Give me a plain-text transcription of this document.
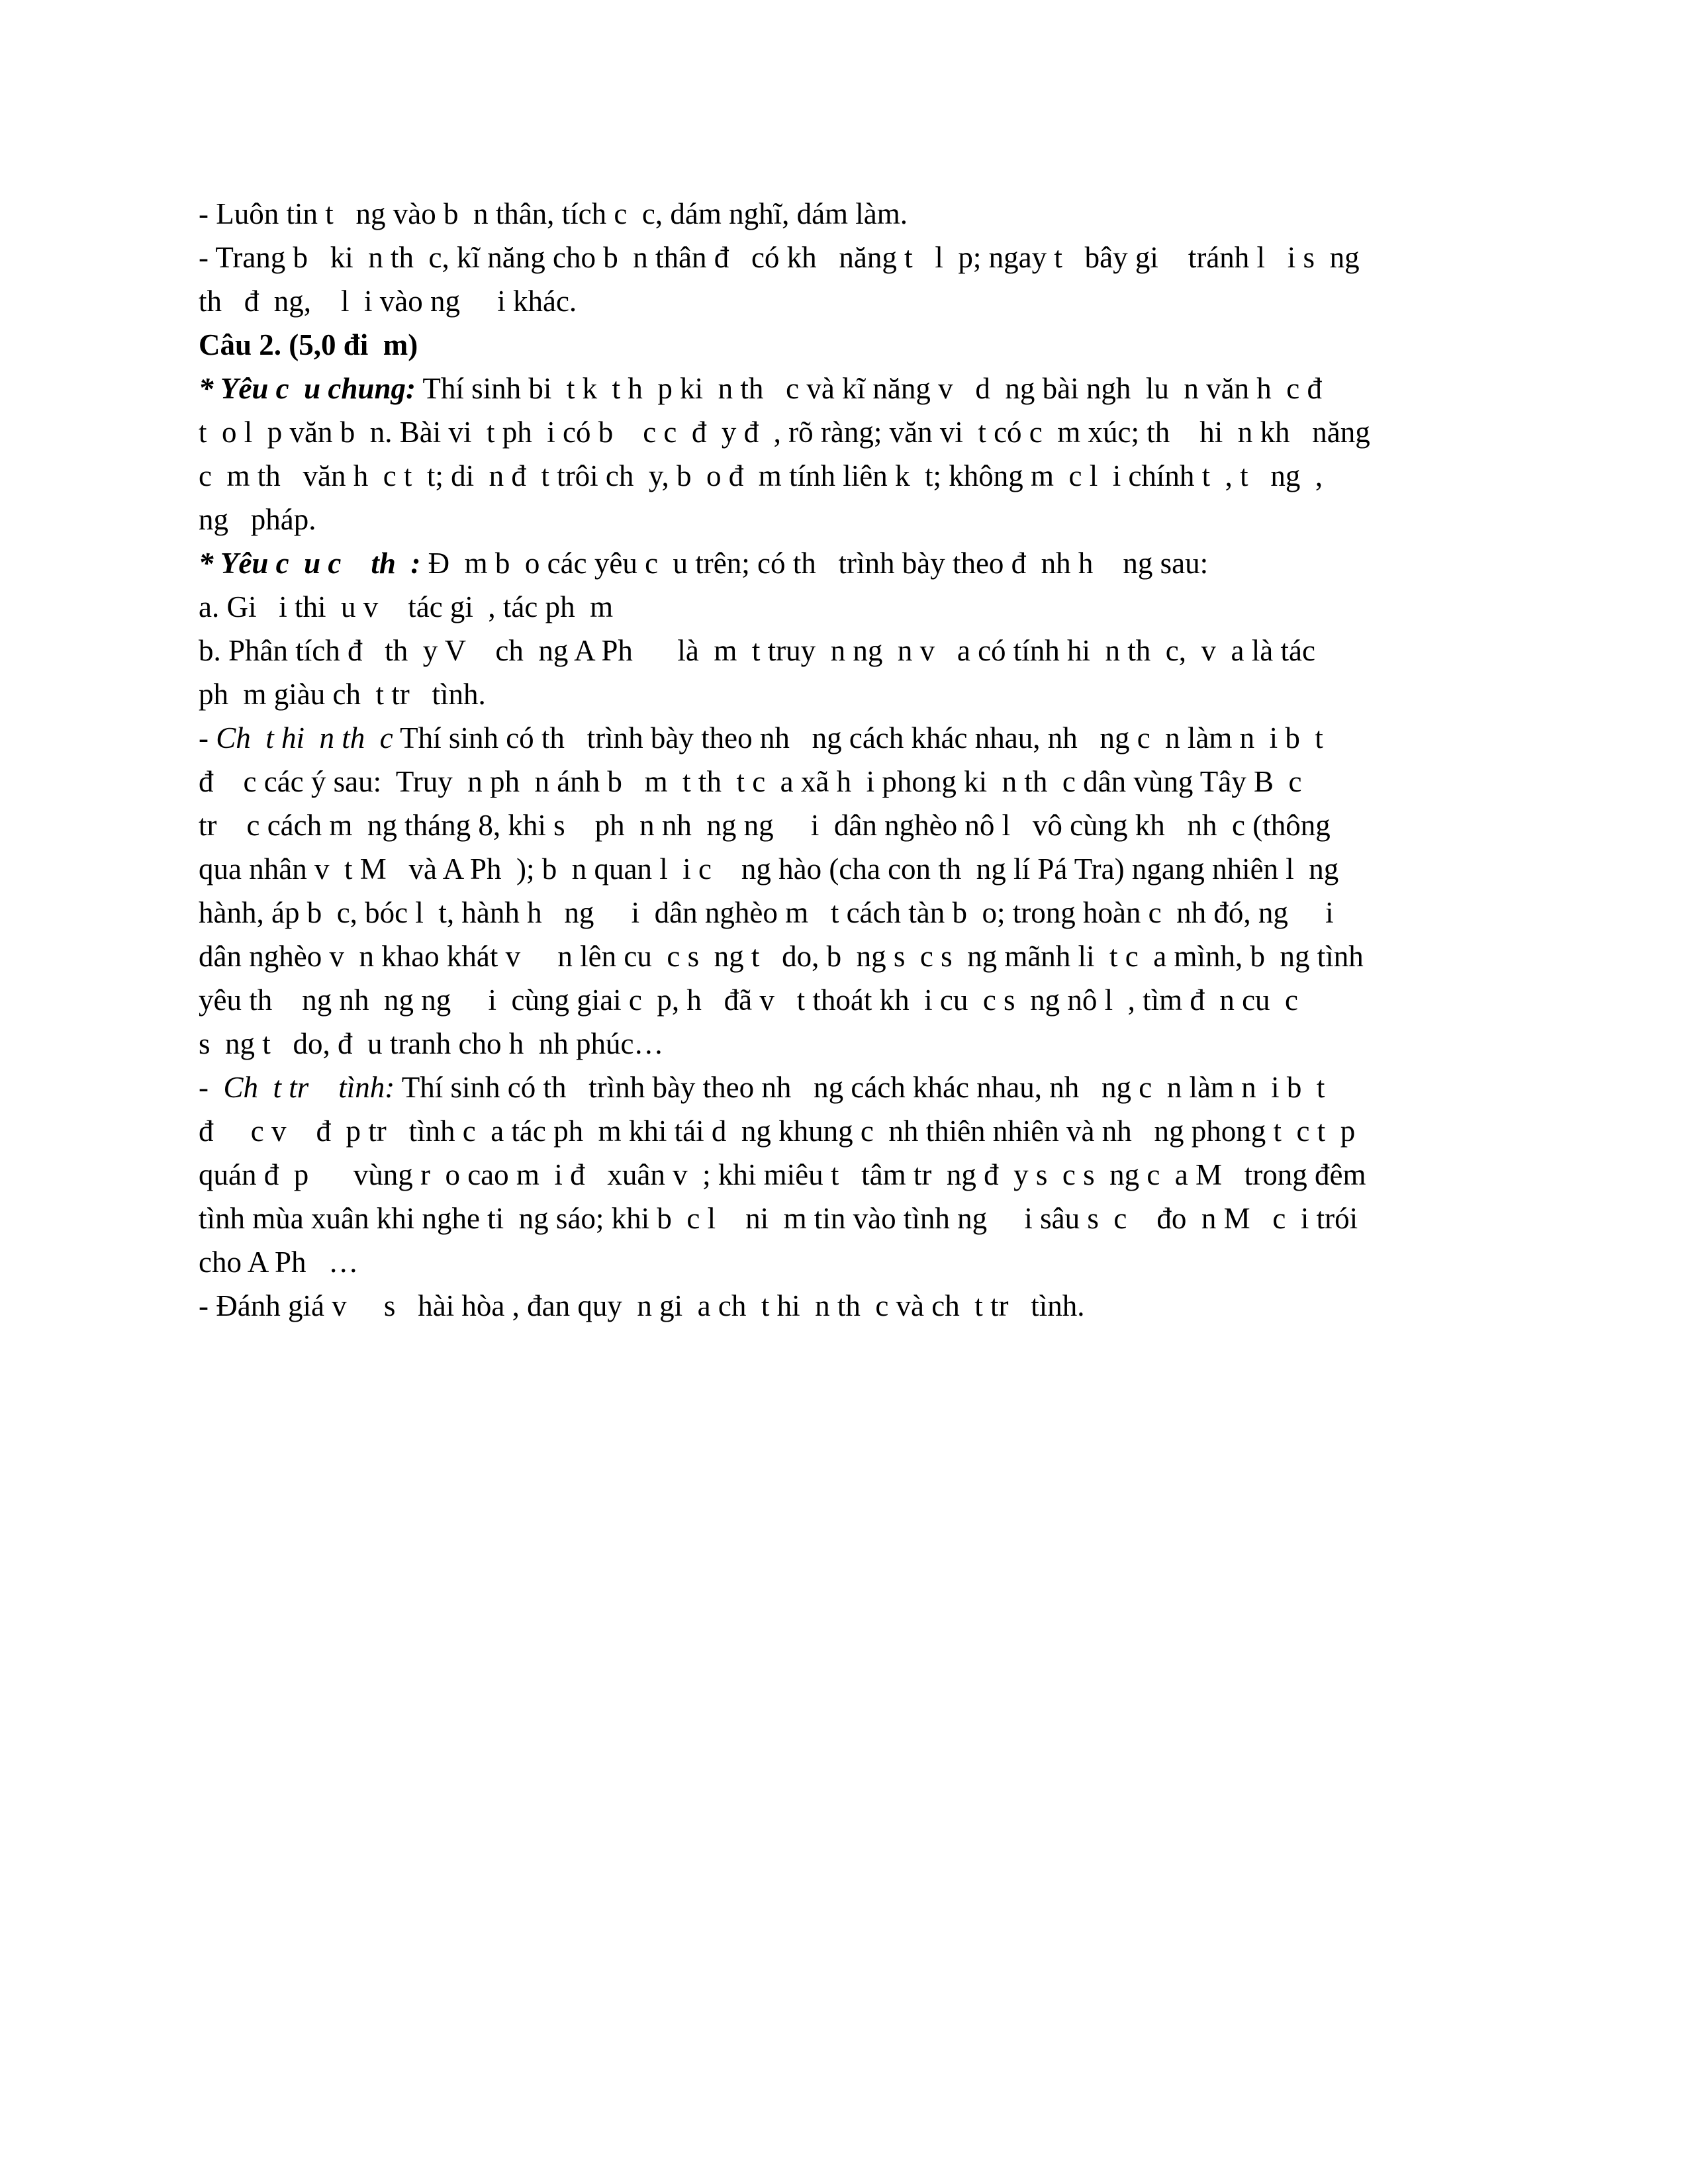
- Luôn tin t   ng vào b  n thân, tích c  c, dám nghĩ, dám làm.
- Trang b   ki  n th  c, kĩ năng cho b  n thân đ   có kh   năng t   l  p; ngay t   bây gi    tránh l   i s  ng
th   đ  ng,    l  i vào ng     i khác.
Câu 2. (5,0 đi  m)
* Yêu c  u chung: Thí sinh bi  t k  t h  p ki  n th   c và kĩ năng v   d  ng bài ngh  lu  n văn h  c đ
t  o l  p văn b  n. Bài vi  t ph  i có b    c c  đ  y đ  , rõ ràng; văn vi  t có c  m xúc; th    hi  n kh   năng
c  m th   văn h  c t  t; di  n đ  t trôi ch  y, b  o đ  m tính liên k  t; không m  c l  i chính t  , t   ng  ,
ng   pháp.
* Yêu c  u c    th  : Đ  m b  o các yêu c  u trên; có th   trình bày theo đ  nh h    ng sau:
a. Gi   i thi  u v    tác gi  , tác ph  m
b. Phân tích đ   th  y V    ch  ng A Ph      là  m  t truy  n ng  n v   a có tính hi  n th  c,  v  a là tác
ph  m giàu ch  t tr   tình.
- Ch  t hi  n th  c Thí sinh có th   trình bày theo nh   ng cách khác nhau, nh   ng c  n làm n  i b  t
đ    c các ý sau:  Truy  n ph  n ánh b   m  t th  t c  a xã h  i phong ki  n th  c dân vùng Tây B  c
tr    c cách m  ng tháng 8, khi s    ph  n nh  ng ng     i  dân nghèo nô l   vô cùng kh   nh  c (thông
qua nhân v  t M   và A Ph  ); b  n quan l  i c    ng hào (cha con th  ng lí Pá Tra) ngang nhiên l  ng
hành, áp b  c, bóc l  t, hành h   ng     i  dân nghèo m   t cách tàn b  o; trong hoàn c  nh đó, ng     i
dân nghèo v  n khao khát v     n lên cu  c s  ng t   do, b  ng s  c s  ng mãnh li  t c  a mình, b  ng tình
yêu th    ng nh  ng ng     i  cùng giai c  p, h   đã v   t thoát kh  i cu  c s  ng nô l  , tìm đ  n cu  c
s  ng t   do, đ  u tranh cho h  nh phúc…
-  Ch  t tr    tình: Thí sinh có th   trình bày theo nh   ng cách khác nhau, nh   ng c  n làm n  i b  t
đ     c v    đ  p tr   tình c  a tác ph  m khi tái d  ng khung c  nh thiên nhiên và nh   ng phong t  c t  p
quán đ  p      vùng r  o cao m  i đ   xuân v  ; khi miêu t   tâm tr  ng đ  y s  c s  ng c  a M   trong đêm
tình mùa xuân khi nghe ti  ng sáo; khi b  c l    ni  m tin vào tình ng     i sâu s  c    đo  n M   c  i trói
cho A Ph   …
- Đánh giá v     s   hài hòa , đan quy  n gi  a ch  t hi  n th  c và ch  t tr   tình.
